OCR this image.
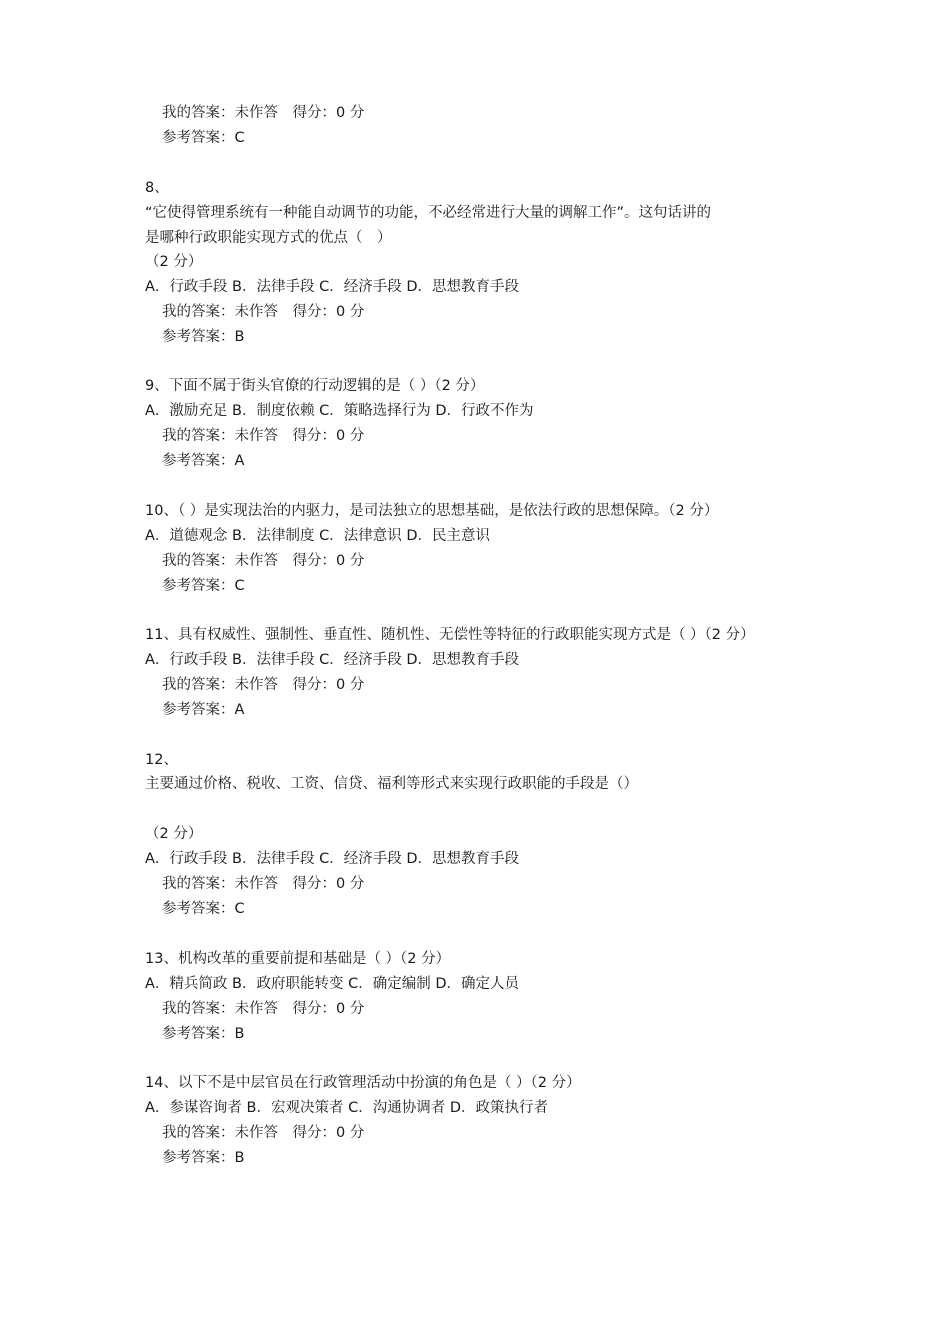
我的答案：未作答　得分：0 分
参考答案：C
8、
“它使得管理系统有一种能自动调节的功能，不必经常进行大量的调解工作”。这句话讲的
是哪种行政职能实现方式的优点（　）
（2 分）
A．行政手段 B．法律手段 C．经济手段 D．思想教育手段
我的答案：未作答　得分：0 分
参考答案：B
9、下面不属于街头官僚的行动逻辑的是（ ）（2 分）
A．激励充足 B．制度依赖 C．策略选择行为 D．行政不作为
我的答案：未作答　得分：0 分
参考答案：A
10、（ ）是实现法治的内驱力，是司法独立的思想基础，是依法行政的思想保障。（2 分）
A．道德观念 B．法律制度 C．法律意识 D．民主意识
我的答案：未作答　得分：0 分
参考答案：C
11、具有权威性、强制性、垂直性、随机性、无偿性等特征的行政职能实现方式是（ ）（2 分）
A．行政手段 B．法律手段 C．经济手段 D．思想教育手段
我的答案：未作答　得分：0 分
参考答案：A
12、
主要通过价格、税收、工资、信贷、福利等形式来实现行政职能的手段是（）
（2 分）
A．行政手段 B．法律手段 C．经济手段 D．思想教育手段
我的答案：未作答　得分：0 分
参考答案：C
13、机构改革的重要前提和基础是（ ）（2 分）
A．精兵简政 B．政府职能转变 C．确定编制 D．确定人员
我的答案：未作答　得分：0 分
参考答案：B
14、以下不是中层官员在行政管理活动中扮演的角色是（ ）（2 分）
A．参谋咨询者 B．宏观决策者 C．沟通协调者 D．政策执行者
我的答案：未作答　得分：0 分
参考答案：B
